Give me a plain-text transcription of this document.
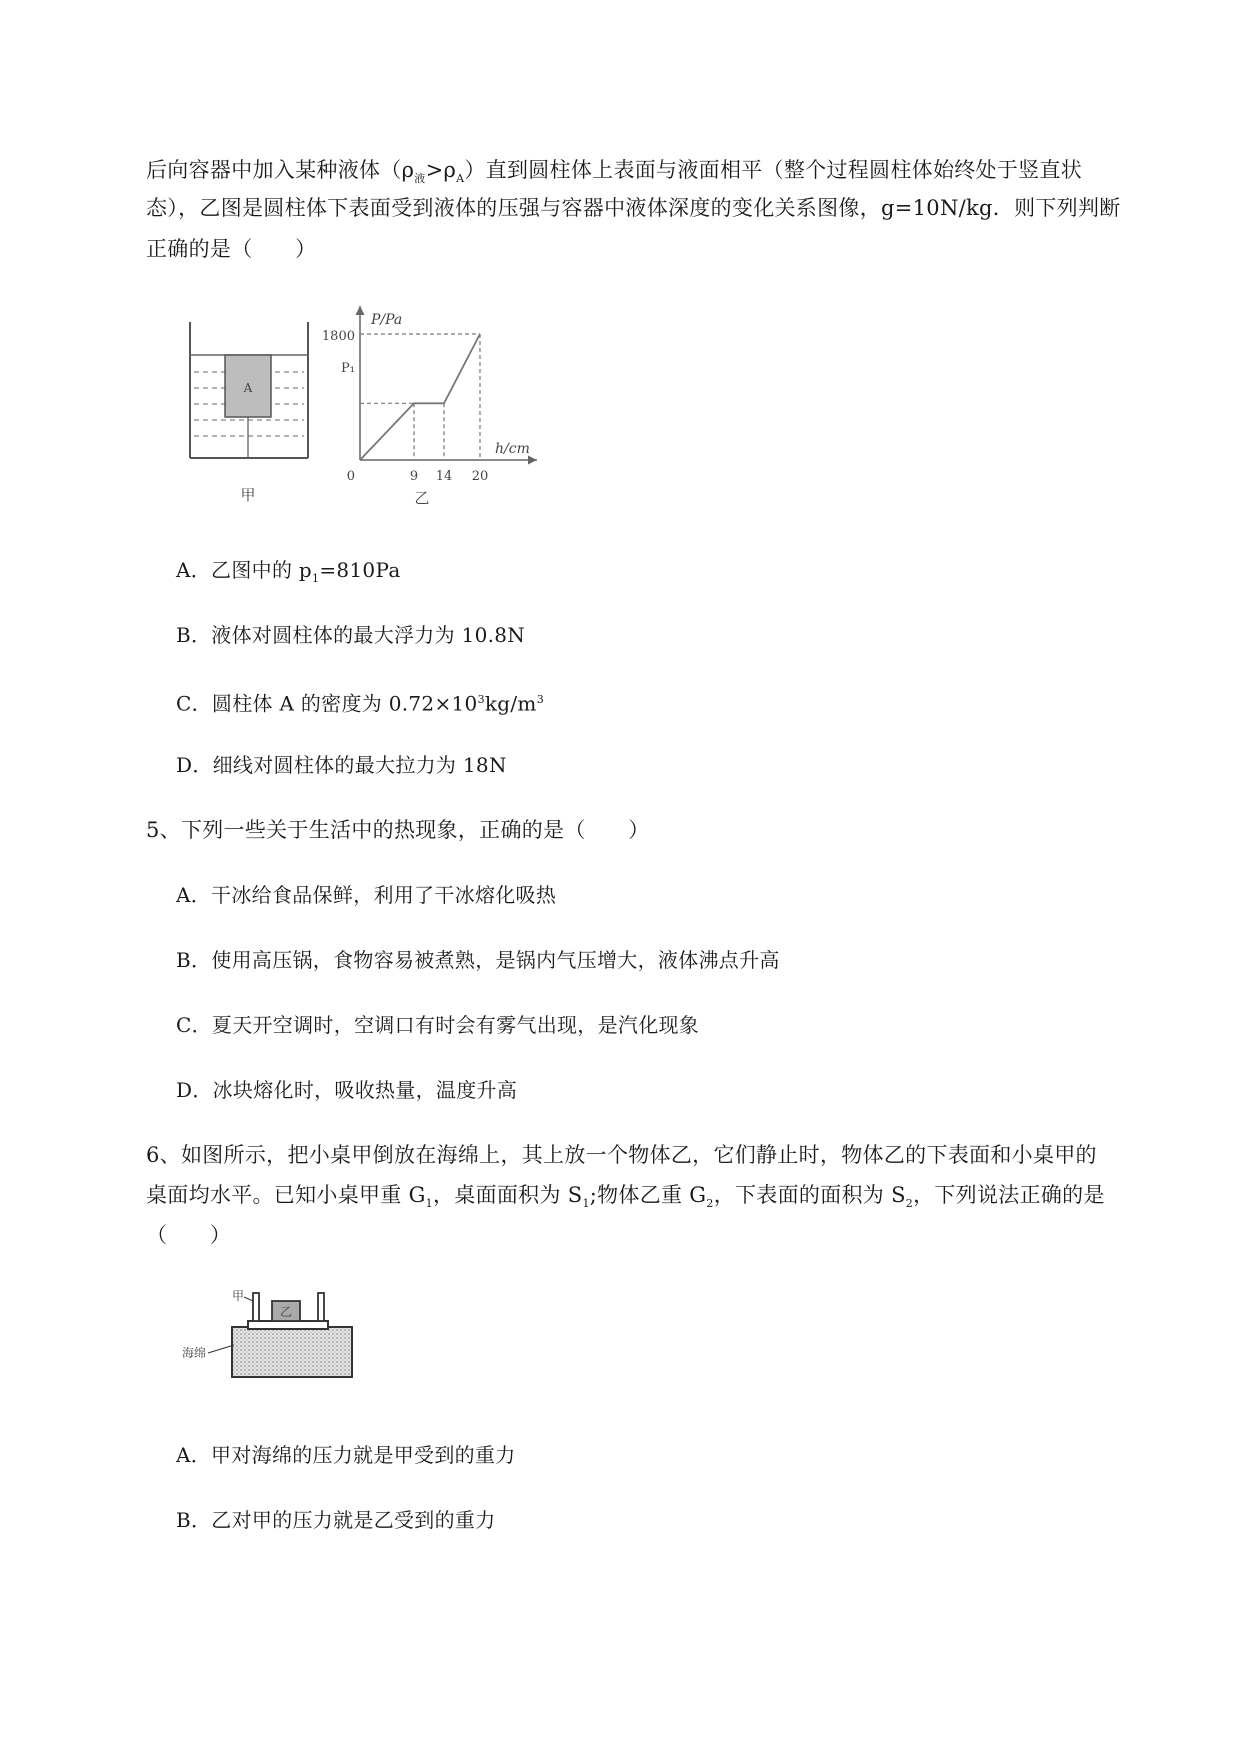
后向容器中加入某种液体$(\rho_液>\rho_A)$直到圆柱体上表面与液面相平（整个过程圆柱体始终处于竖直状
态），乙图是圆柱体下表面受到液体的压强与容器中液体深度的变化关系图像，g=10N/kg．则下列判断
正确的是（　　）
A
甲
P/Pa
h/cm
1800
P₁
0	9 14 20
乙
A．乙图中的 $p_1=810Pa$
B．液体对圆柱体的最大浮力为 10.8N
C．圆柱体 A 的密度为 $0.72\times 10^3kg/m^3$
D．细线对圆柱体的最大拉力为 18N
5、下列一些关于生活中的热现象，正确的是（　　）
A．干冰给食品保鲜，利用了干冰熔化吸热
B．使用高压锅，食物容易被煮熟，是锅内气压增大，液体沸点升高
C．夏天开空调时，空调口有时会有雾气出现，是汽化现象
D．冰块熔化时，吸收热量，温度升高
6、如图所示，把小桌甲倒放在海绵上，其上放一个物体乙，它们静止时，物体乙的下表面和小桌甲的
桌面均水平。已知小桌甲重 $G_1$，桌面面积为 $S_1$;物体乙重 $G_2$，下表面的面积为 $S_2$，下列说法正确的是
（　　）
乙
甲
海绵
A．甲对海绵的压力就是甲受到的重力
B．乙对甲的压力就是乙受到的重力
